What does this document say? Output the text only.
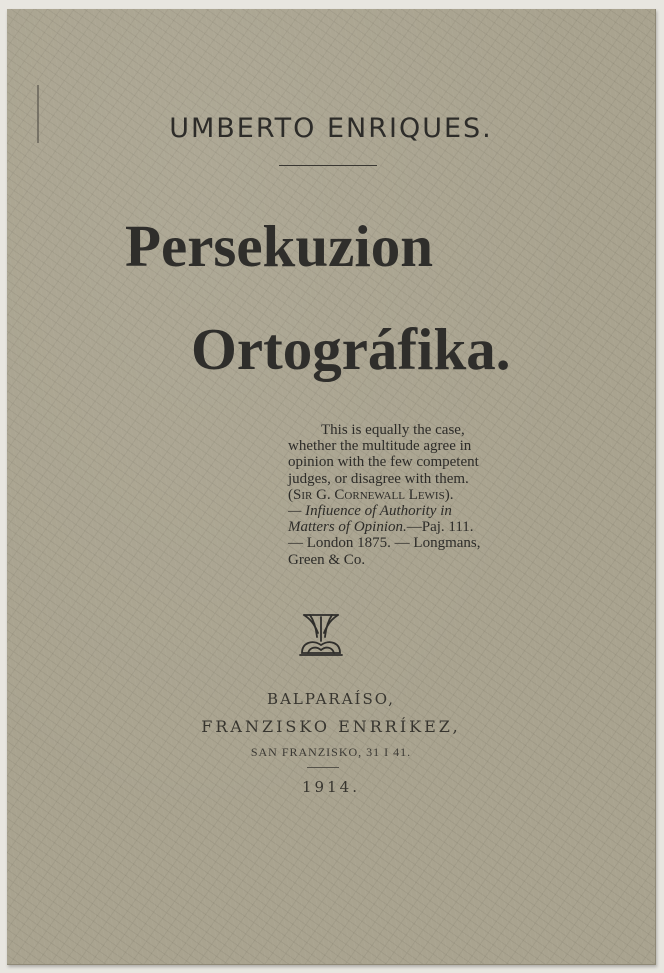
UMBERTO ENRIQUES.
Persekuzion
Ortográfika.
This is equally the case,
whether the multitude agree in
opinion with the few competent
judges, or disagree with them.
(Sir G. Cornewall Lewis).
— Infiuence of Authority in
Matters of Opinion.—Paj. 111.
— London 1875. — Longmans,
Green & Co.
BALPARAÍSO,
FRANZISKO ENRRÍKEZ,
SAN FRANZISKO, 31 I 41.
1914.
